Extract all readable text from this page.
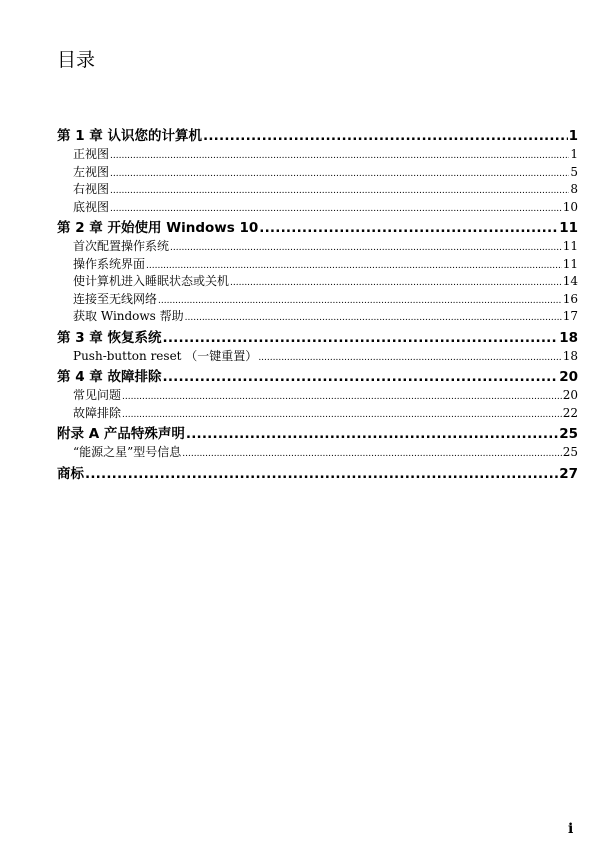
目录
第 1 章 认识您的计算机 .....	1
正视图 .....	1
左视图 .....	5
右视图 .....	8
底视图 .....	10
第 2 章 开始使用 Windows 10 .....	11
首次配置操作系统 .....	11
操作系统界面 .....	11
使计算机进入睡眠状态或关机 .....	14
连接至无线网络 .....	16
获取 Windows 帮助 .....	17
第 3 章 恢复系统 .....	18
Push-button reset （一键重置） .....	18
第 4 章 故障排除 .....	20
常见问题 .....	20
故障排除 .....	22
附录 A 产品特殊声明 .....	25
“能源之星”型号信息 .....	25
商标 .....	27
i
